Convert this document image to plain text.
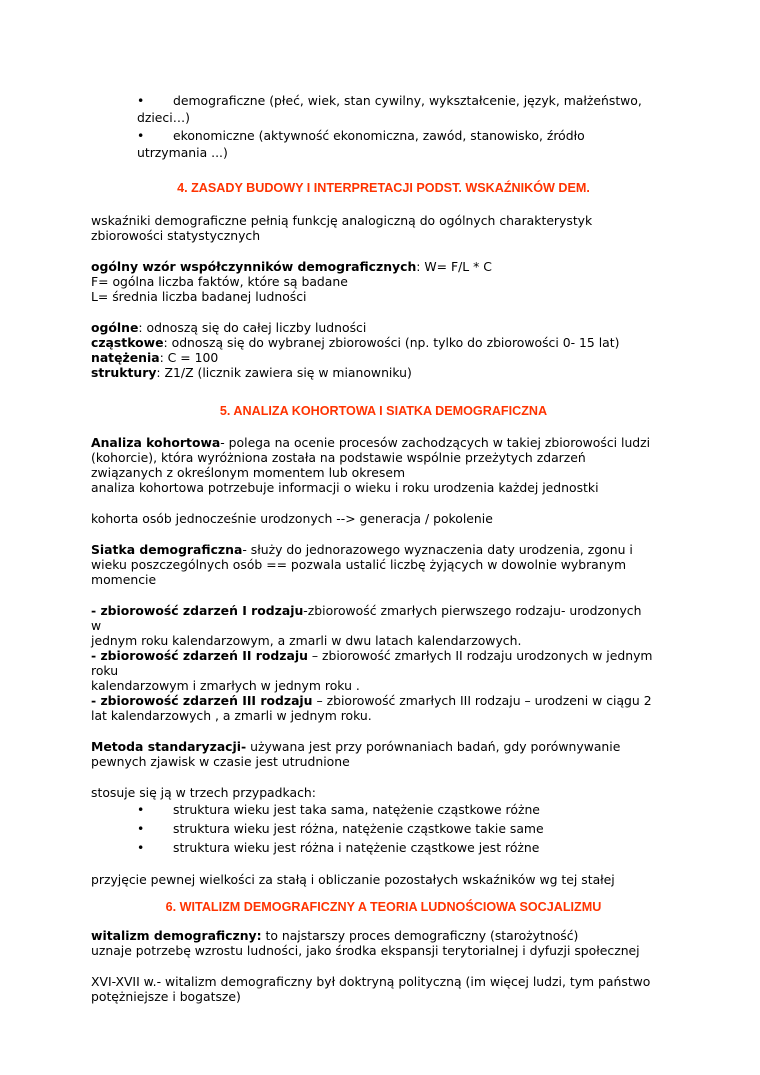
• demograficzne (płeć, wiek, stan cywilny, wykształcenie, język, małżeństwo,
dzieci…)
• ekonomiczne (aktywność ekonomiczna, zawód, stanowisko, źródło
utrzymania ...)

4. ZASADY BUDOWY I INTERPRETACJI PODST. WSKAŹNIKÓW DEM.

wskaźniki demograficzne pełnią funkcję analogiczną do ogólnych charakterystyk

zbiorowości statystycznych

ogólny wzór współczynników demograficznych: W= F/L * C

F= ogólna liczba faktów, które są badane

L= średnia liczba badanej ludności

ogólne: odnoszą się do całej liczby ludności

cząstkowe: odnoszą się do wybranej zbiorowości (np. tylko do zbiorowości 0- 15 lat)

natężenia: C = 100

struktury: Z1/Z (licznik zawiera się w mianowniku)

5. ANALIZA KOHORTOWA I SIATKA DEMOGRAFICZNA

Analiza kohortowa- polega na ocenie procesów zachodzących w takiej zbiorowości ludzi

(kohorcie), która wyróżniona została na podstawie wspólnie przeżytych zdarzeń

związanych z określonym momentem lub okresem

analiza kohortowa potrzebuje informacji o wieku i roku urodzenia każdej jednostki

kohorta osób jednocześnie urodzonych --> generacja / pokolenie

Siatka demograficzna- służy do jednorazowego wyznaczenia daty urodzenia, zgonu i

wieku poszczególnych osób == pozwala ustalić liczbę żyjących w dowolnie wybranym

momencie

- zbiorowość zdarzeń I rodzaju-zbiorowość zmarłych pierwszego rodzaju- urodzonych

w

jednym roku kalendarzowym, a zmarli w dwu latach kalendarzowych.

- zbiorowość zdarzeń II rodzaju – zbiorowość zmarłych II rodzaju urodzonych w jednym

roku

kalendarzowym i zmarłych w jednym roku .

- zbiorowość zdarzeń III rodzaju – zbiorowość zmarłych III rodzaju – urodzeni w ciągu 2

lat kalendarzowych , a zmarli w jednym roku.

Metoda standaryzacji- używana jest przy porównaniach badań, gdy porównywanie

pewnych zjawisk w czasie jest utrudnione

stosuje się ją w trzech przypadkach:

• struktura wieku jest taka sama, natężenie cząstkowe różne
• struktura wieku jest różna, natężenie cząstkowe takie same
• struktura wieku jest różna i natężenie cząstkowe jest różne

przyjęcie pewnej wielkości za stałą i obliczanie pozostałych wskaźników wg tej stałej

6. WITALIZM DEMOGRAFICZNY A TEORIA LUDNOŚCIOWA SOCJALIZMU

witalizm demograficzny: to najstarszy proces demograficzny (starożytność)

uznaje potrzebę wzrostu ludności, jako środka ekspansji terytorialnej i dyfuzji społecznej

XVI-XVII w.- witalizm demograficzny był doktryną polityczną (im więcej ludzi, tym państwo

potężniejsze i bogatsze)
